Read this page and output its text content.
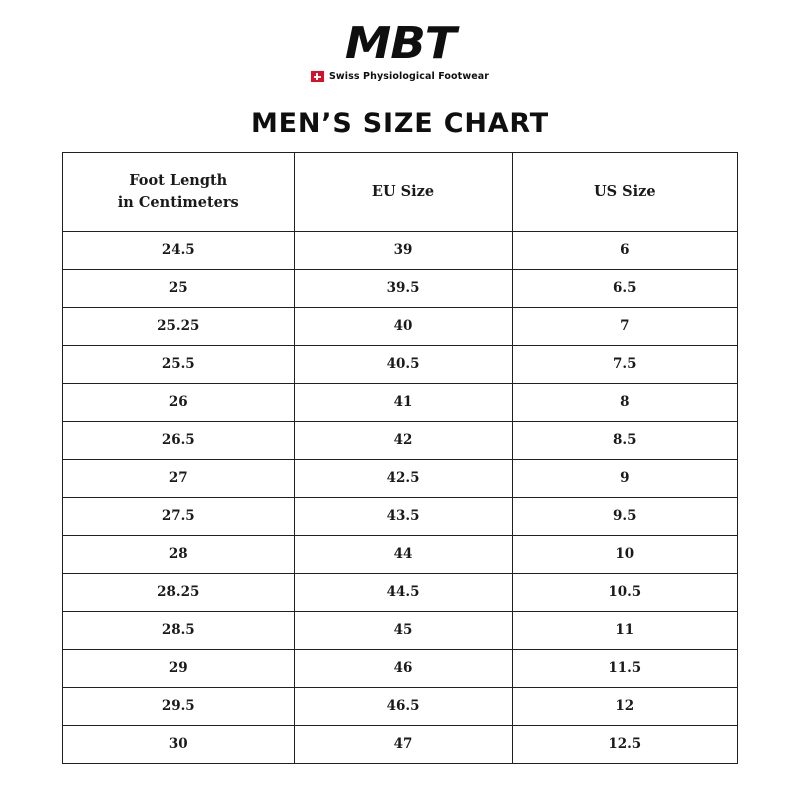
MBT
Swiss Physiological Footwear
MEN’S SIZE CHART
Foot Length
in Centimeters	EU Size	US Size

24.5	39	6
25	39.5	6.5
25.25	40	7
25.5	40.5	7.5
26	41	8
26.5	42	8.5
27	42.5	9
27.5	43.5	9.5
28	44	10
28.25	44.5	10.5
28.5	45	11
29	46	11.5
29.5	46.5	12
30	47	12.5
